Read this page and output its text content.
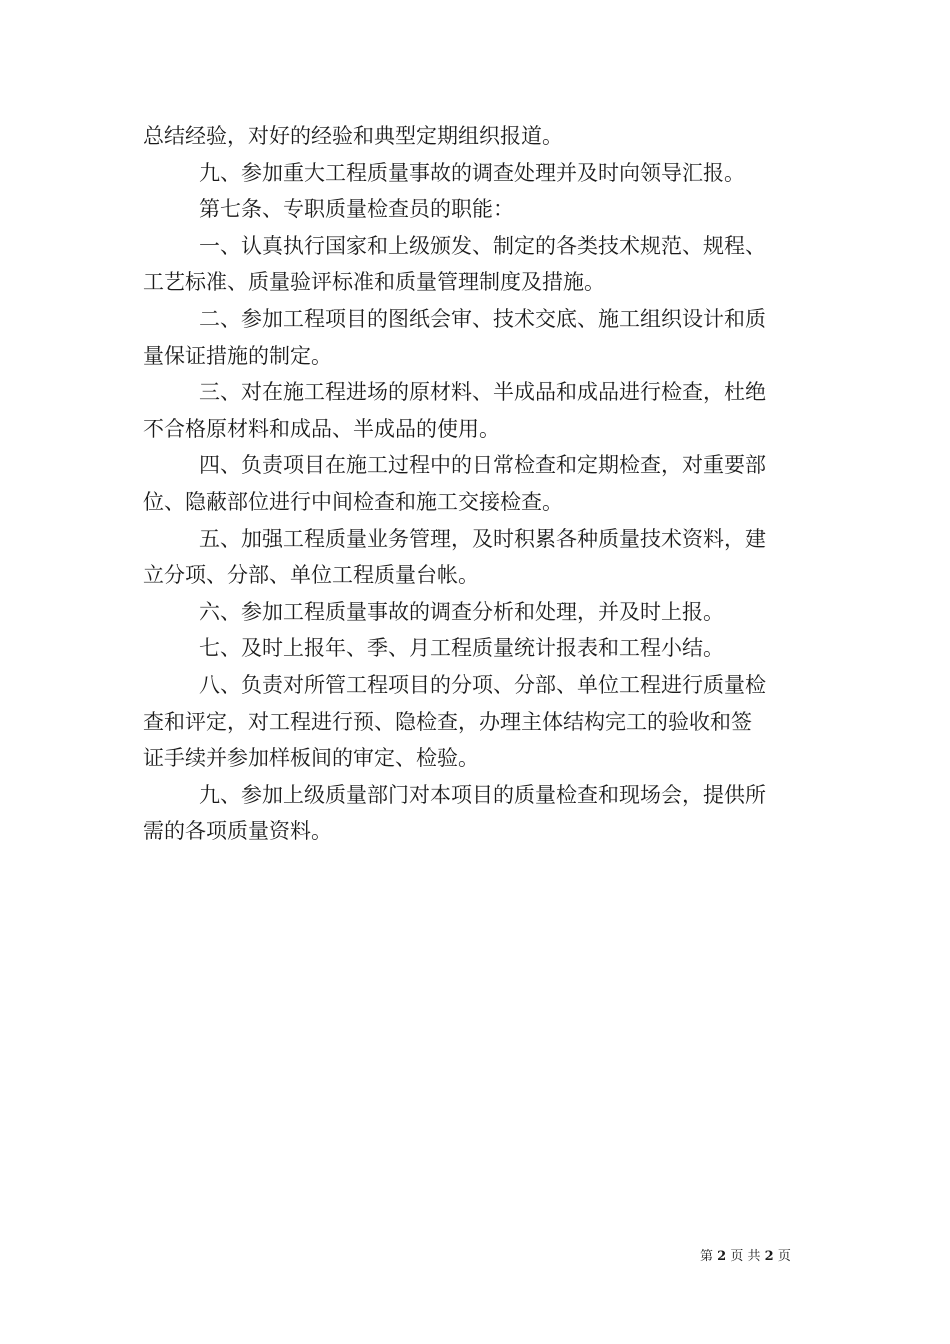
总结经验，对好的经验和典型定期组织报道。
九、参加重大工程质量事故的调查处理并及时向领导汇报。
第七条、专职质量检查员的职能：
一、认真执行国家和上级颁发、制定的各类技术规范、规程、
工艺标准、质量验评标准和质量管理制度及措施。
二、参加工程项目的图纸会审、技术交底、施工组织设计和质
量保证措施的制定。
三、对在施工程进场的原材料、半成品和成品进行检查，杜绝
不合格原材料和成品、半成品的使用。
四、负责项目在施工过程中的日常检查和定期检查，对重要部
位、隐蔽部位进行中间检查和施工交接检查。
五、加强工程质量业务管理，及时积累各种质量技术资料，建
立分项、分部、单位工程质量台帐。
六、参加工程质量事故的调查分析和处理，并及时上报。
七、及时上报年、季、月工程质量统计报表和工程小结。
八、负责对所管工程项目的分项、分部、单位工程进行质量检
查和评定，对工程进行预、隐检查，办理主体结构完工的验收和签
证手续并参加样板间的审定、检验。
九、参加上级质量部门对本项目的质量检查和现场会，提供所
需的各项质量资料。
第 2 页 共 2 页
